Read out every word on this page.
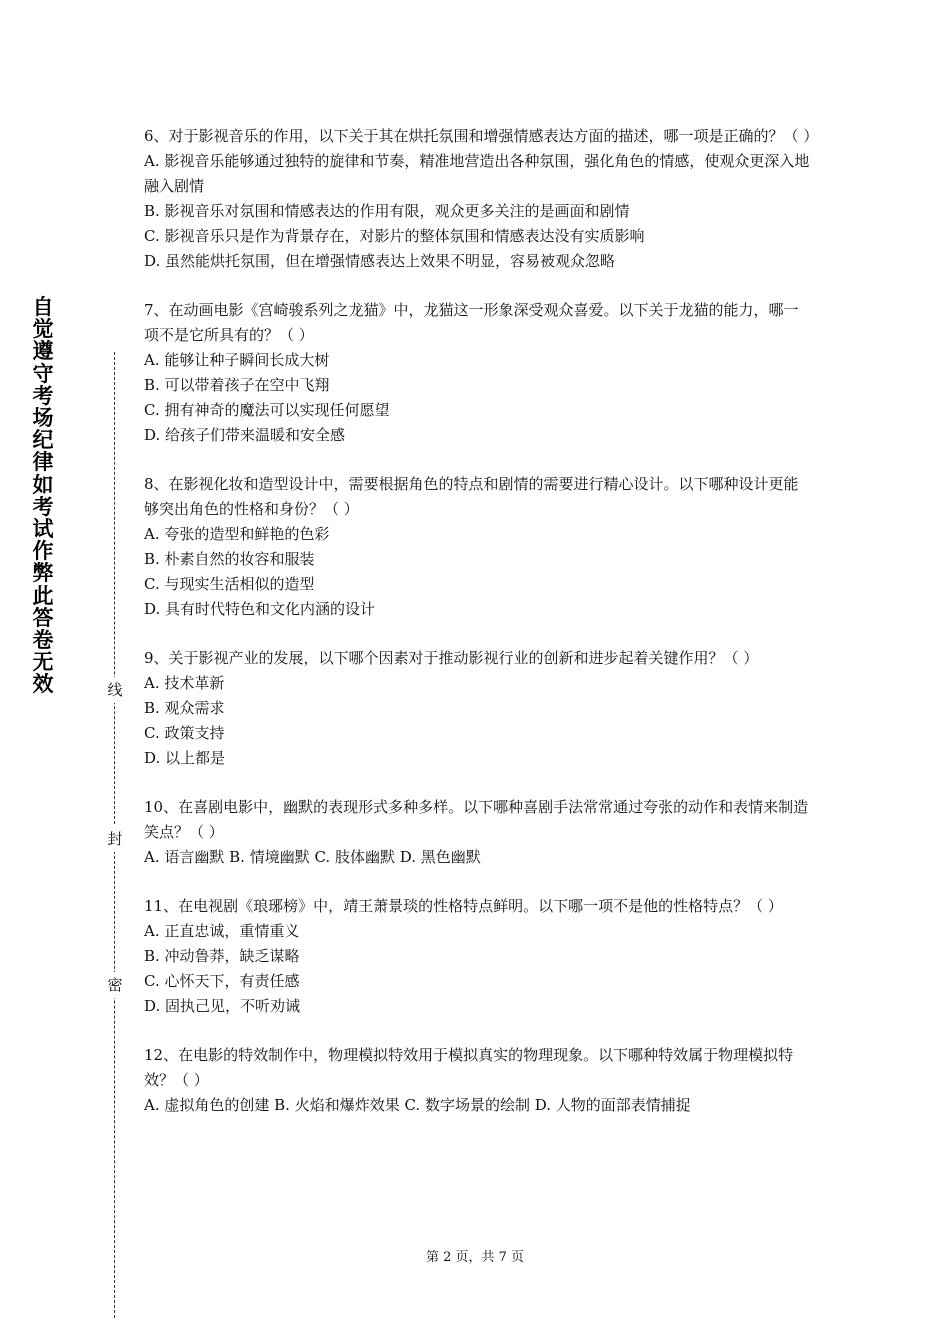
自觉遵守考场纪律如考试作弊此答卷无效	线
封
密
6、对于影视音乐的作用，以下关于其在烘托氛围和增强情感表达方面的描述，哪一项是正确的？（ ）
A. 影视音乐能够通过独特的旋律和节奏，精准地营造出各种氛围，强化角色的情感，使观众更深入地融入剧情
B. 影视音乐对氛围和情感表达的作用有限，观众更多关注的是画面和剧情
C. 影视音乐只是作为背景存在，对影片的整体氛围和情感表达没有实质影响
D. 虽然能烘托氛围，但在增强情感表达上效果不明显，容易被观众忽略
7、在动画电影《宫崎骏系列之龙猫》中，龙猫这一形象深受观众喜爱。以下关于龙猫的能力，哪一项不是它所具有的？（ ）
A. 能够让种子瞬间长成大树
B. 可以带着孩子在空中飞翔
C. 拥有神奇的魔法可以实现任何愿望
D. 给孩子们带来温暖和安全感
8、在影视化妆和造型设计中，需要根据角色的特点和剧情的需要进行精心设计。以下哪种设计更能够突出角色的性格和身份？（ ）
A. 夸张的造型和鲜艳的色彩
B. 朴素自然的妆容和服装
C. 与现实生活相似的造型
D. 具有时代特色和文化内涵的设计
9、关于影视产业的发展，以下哪个因素对于推动影视行业的创新和进步起着关键作用？（ ）
A. 技术革新
B. 观众需求
C. 政策支持
D. 以上都是
10、在喜剧电影中，幽默的表现形式多种多样。以下哪种喜剧手法常常通过夸张的动作和表情来制造笑点？（ ）
A. 语言幽默 B. 情境幽默 C. 肢体幽默 D. 黑色幽默
11、在电视剧《琅琊榜》中，靖王萧景琰的性格特点鲜明。以下哪一项不是他的性格特点？（ ）
A. 正直忠诚，重情重义
B. 冲动鲁莽，缺乏谋略
C. 心怀天下，有责任感
D. 固执己见，不听劝诫
12、在电影的特效制作中，物理模拟特效用于模拟真实的物理现象。以下哪种特效属于物理模拟特效？（ ）
A. 虚拟角色的创建 B. 火焰和爆炸效果 C. 数字场景的绘制 D. 人物的面部表情捕捉
第 2 页，共 7 页
